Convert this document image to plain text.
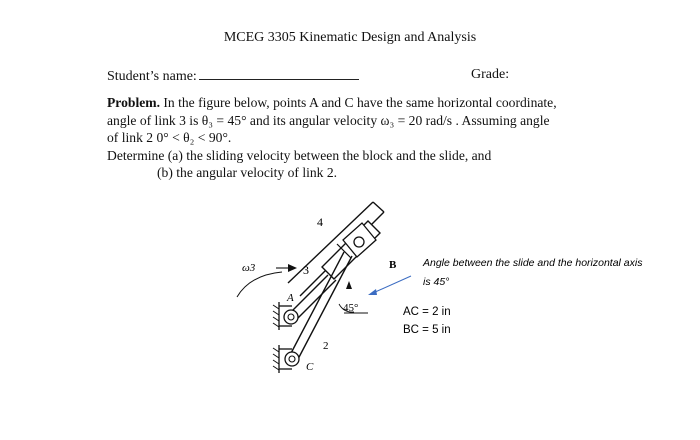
MCEG 3305 Kinematic Design and Analysis
Student’s name:	Grade:
Problem. In the figure below, points A and C have the same horizontal coordinate,
angle of link 3 is θ₃ = 45° and its angular velocity ω₃ = 20 rad/s . Assuming angle
of link 2 0° < θ₂ < 90°.
Determine (a) the sliding velocity between the block and the slide, and
(b) the angular velocity of link 2.
4
3
2
ω3
A
B
C
45°
Angle between the slide and the horizontal axis
is 45°
AC = 2 in
BC = 5 in
